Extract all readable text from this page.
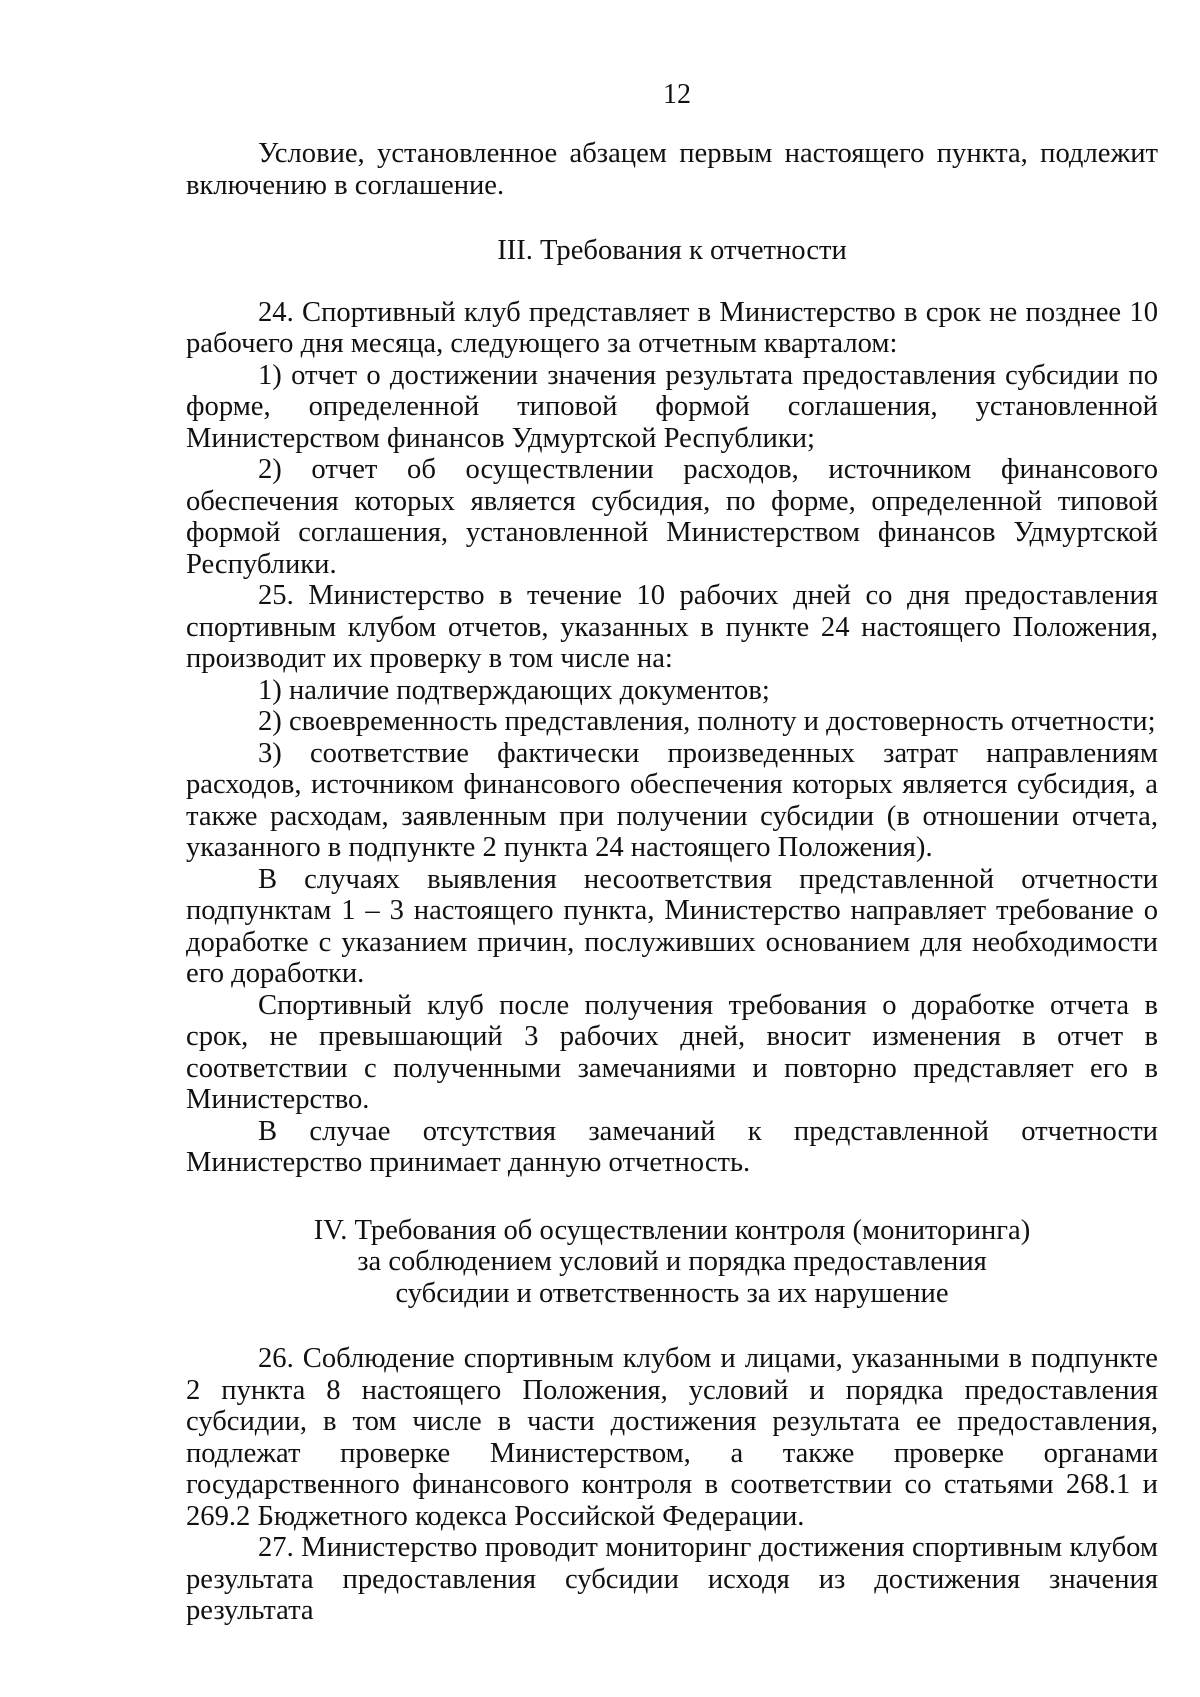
12

Условие, установленное абзацем первым настоящего пункта, подлежит включению в соглашение.

III. Требования к отчетности

24. Спортивный клуб представляет в Министерство в срок не позднее 10 рабочего дня месяца, следующего за отчетным кварталом:

1) отчет о достижении значения результата предоставления субсидии по форме, определенной типовой формой соглашения, установленной Министерством финансов Удмуртской Республики;

2) отчет об осуществлении расходов, источником финансового обеспечения которых является субсидия, по форме, определенной типовой формой соглашения, установленной Министерством финансов Удмуртской Республики.

25. Министерство в течение 10 рабочих дней со дня предоставления спортивным клубом отчетов, указанных в пункте 24 настоящего Положения, производит их проверку в том числе на:

1) наличие подтверждающих документов;

2) своевременность представления, полноту и достоверность отчетности;

3) соответствие фактически произведенных затрат направлениям расходов, источником финансового обеспечения которых является субсидия, а также расходам, заявленным при получении субсидии (в отношении отчета, указанного в подпункте 2 пункта 24 настоящего Положения).

В случаях выявления несоответствия представленной отчетности подпунктам 1 – 3 настоящего пункта, Министерство направляет требование о доработке с указанием причин, послуживших основанием для необходимости его доработки.

Спортивный клуб после получения требования о доработке отчета в срок, не превышающий 3 рабочих дней, вносит изменения в отчет в соответствии с полученными замечаниями и повторно представляет его в Министерство.

В случае отсутствия замечаний к представленной отчетности Министерство принимает данную отчетность.

IV. Требования об осуществлении контроля (мониторинга)
за соблюдением условий и порядка предоставления
субсидии и ответственность за их нарушение

26. Соблюдение спортивным клубом и лицами, указанными в подпункте 2 пункта 8 настоящего Положения, условий и порядка предоставления субсидии, в том числе в части достижения результата ее предоставления, подлежат проверке Министерством, а также проверке органами государственного финансового контроля в соответствии со статьями 268.1 и 269.2 Бюджетного кодекса Российской Федерации.

27. Министерство проводит мониторинг достижения спортивным клубом результата предоставления субсидии исходя из достижения значения результата
